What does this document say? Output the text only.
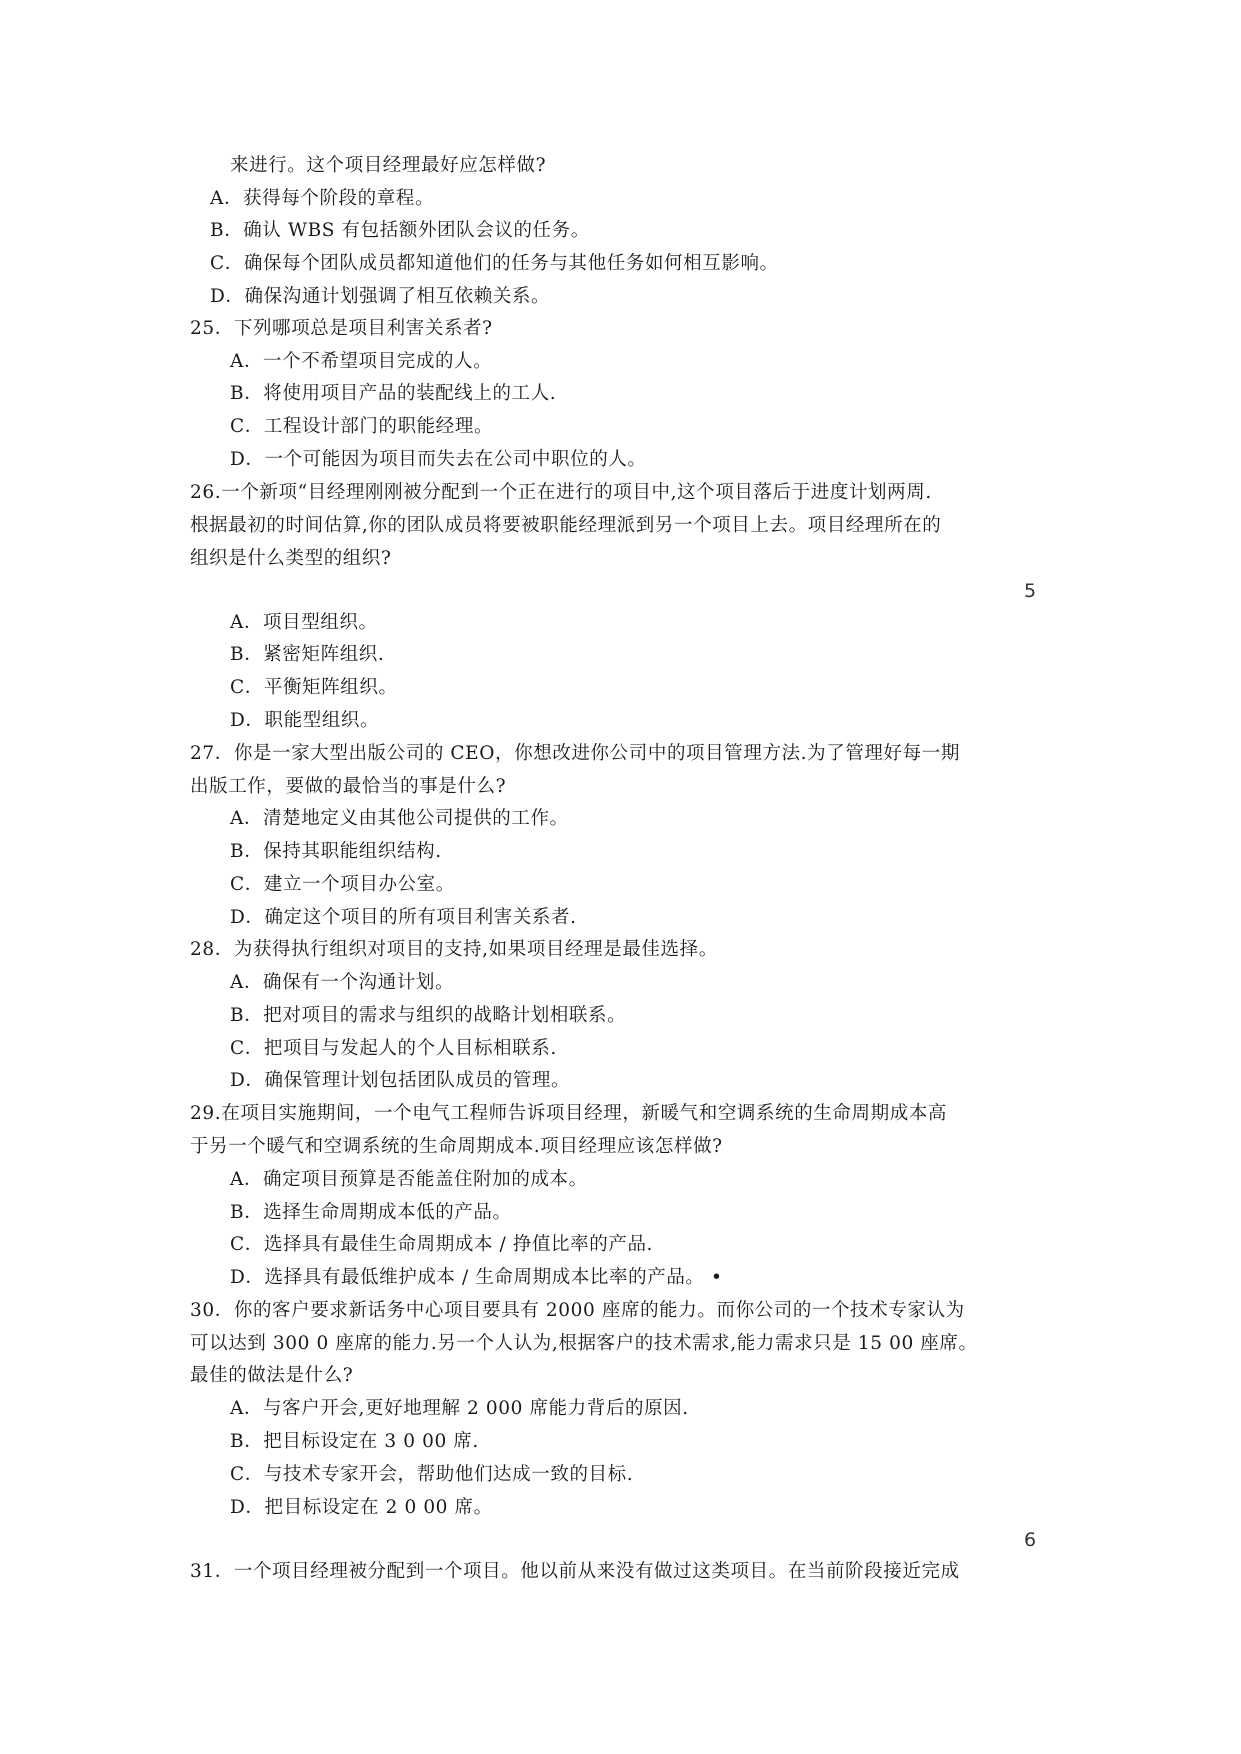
来进行。这个项目经理最好应怎样做?
A．获得每个阶段的章程。
B．确认 WBS 有包括额外团队会议的任务。
C．确保每个团队成员都知道他们的任务与其他任务如何相互影响。
D．确保沟通计划强调了相互依赖关系。
25．下列哪项总是项目利害关系者?
A．一个不希望项目完成的人。
B．将使用项目产品的装配线上的工人.
C．工程设计部门的职能经理。
D．一个可能因为项目而失去在公司中职位的人。
26.一个新项“目经理刚刚被分配到一个正在进行的项目中,这个项目落后于进度计划两周.
根据最初的时间估算,你的团队成员将要被职能经理派到另一个项目上去。项目经理所在的
组织是什么类型的组织?
A．项目型组织。
B．紧密矩阵组织.
C．平衡矩阵组织。
D．职能型组织。
27．你是一家大型出版公司的 CEO，你想改进你公司中的项目管理方法.为了管理好每一期
出版工作，要做的最恰当的事是什么?
A．清楚地定义由其他公司提供的工作。
B．保持其职能组织结构.
C．建立一个项目办公室。
D．确定这个项目的所有项目利害关系者.
28．为获得执行组织对项目的支持,如果项目经理是最佳选择。
A．确保有一个沟通计划。
B．把对项目的需求与组织的战略计划相联系。
C．把项目与发起人的个人目标相联系.
D．确保管理计划包括团队成员的管理。
29.在项目实施期间，一个电气工程师告诉项目经理，新暖气和空调系统的生命周期成本高
于另一个暖气和空调系统的生命周期成本.项目经理应该怎样做?
A．确定项目预算是否能盖住附加的成本。
B．选择生命周期成本低的产品。
C．选择具有最佳生命周期成本 / 挣值比率的产品.
D．选择具有最低维护成本 / 生命周期成本比率的产品。 •
30．你的客户要求新话务中心项目要具有 2000 座席的能力。而你公司的一个技术专家认为
可以达到 300 0 座席的能力.另一个人认为,根据客户的技术需求,能力需求只是 15 00 座席。
最佳的做法是什么?
A．与客户开会,更好地理解 2 000 席能力背后的原因.
B．把目标设定在 3 0 00 席.
C．与技术专家开会，帮助他们达成一致的目标.
D．把目标设定在 2 0 00 席。
31．一个项目经理被分配到一个项目。他以前从来没有做过这类项目。在当前阶段接近完成
5
6
